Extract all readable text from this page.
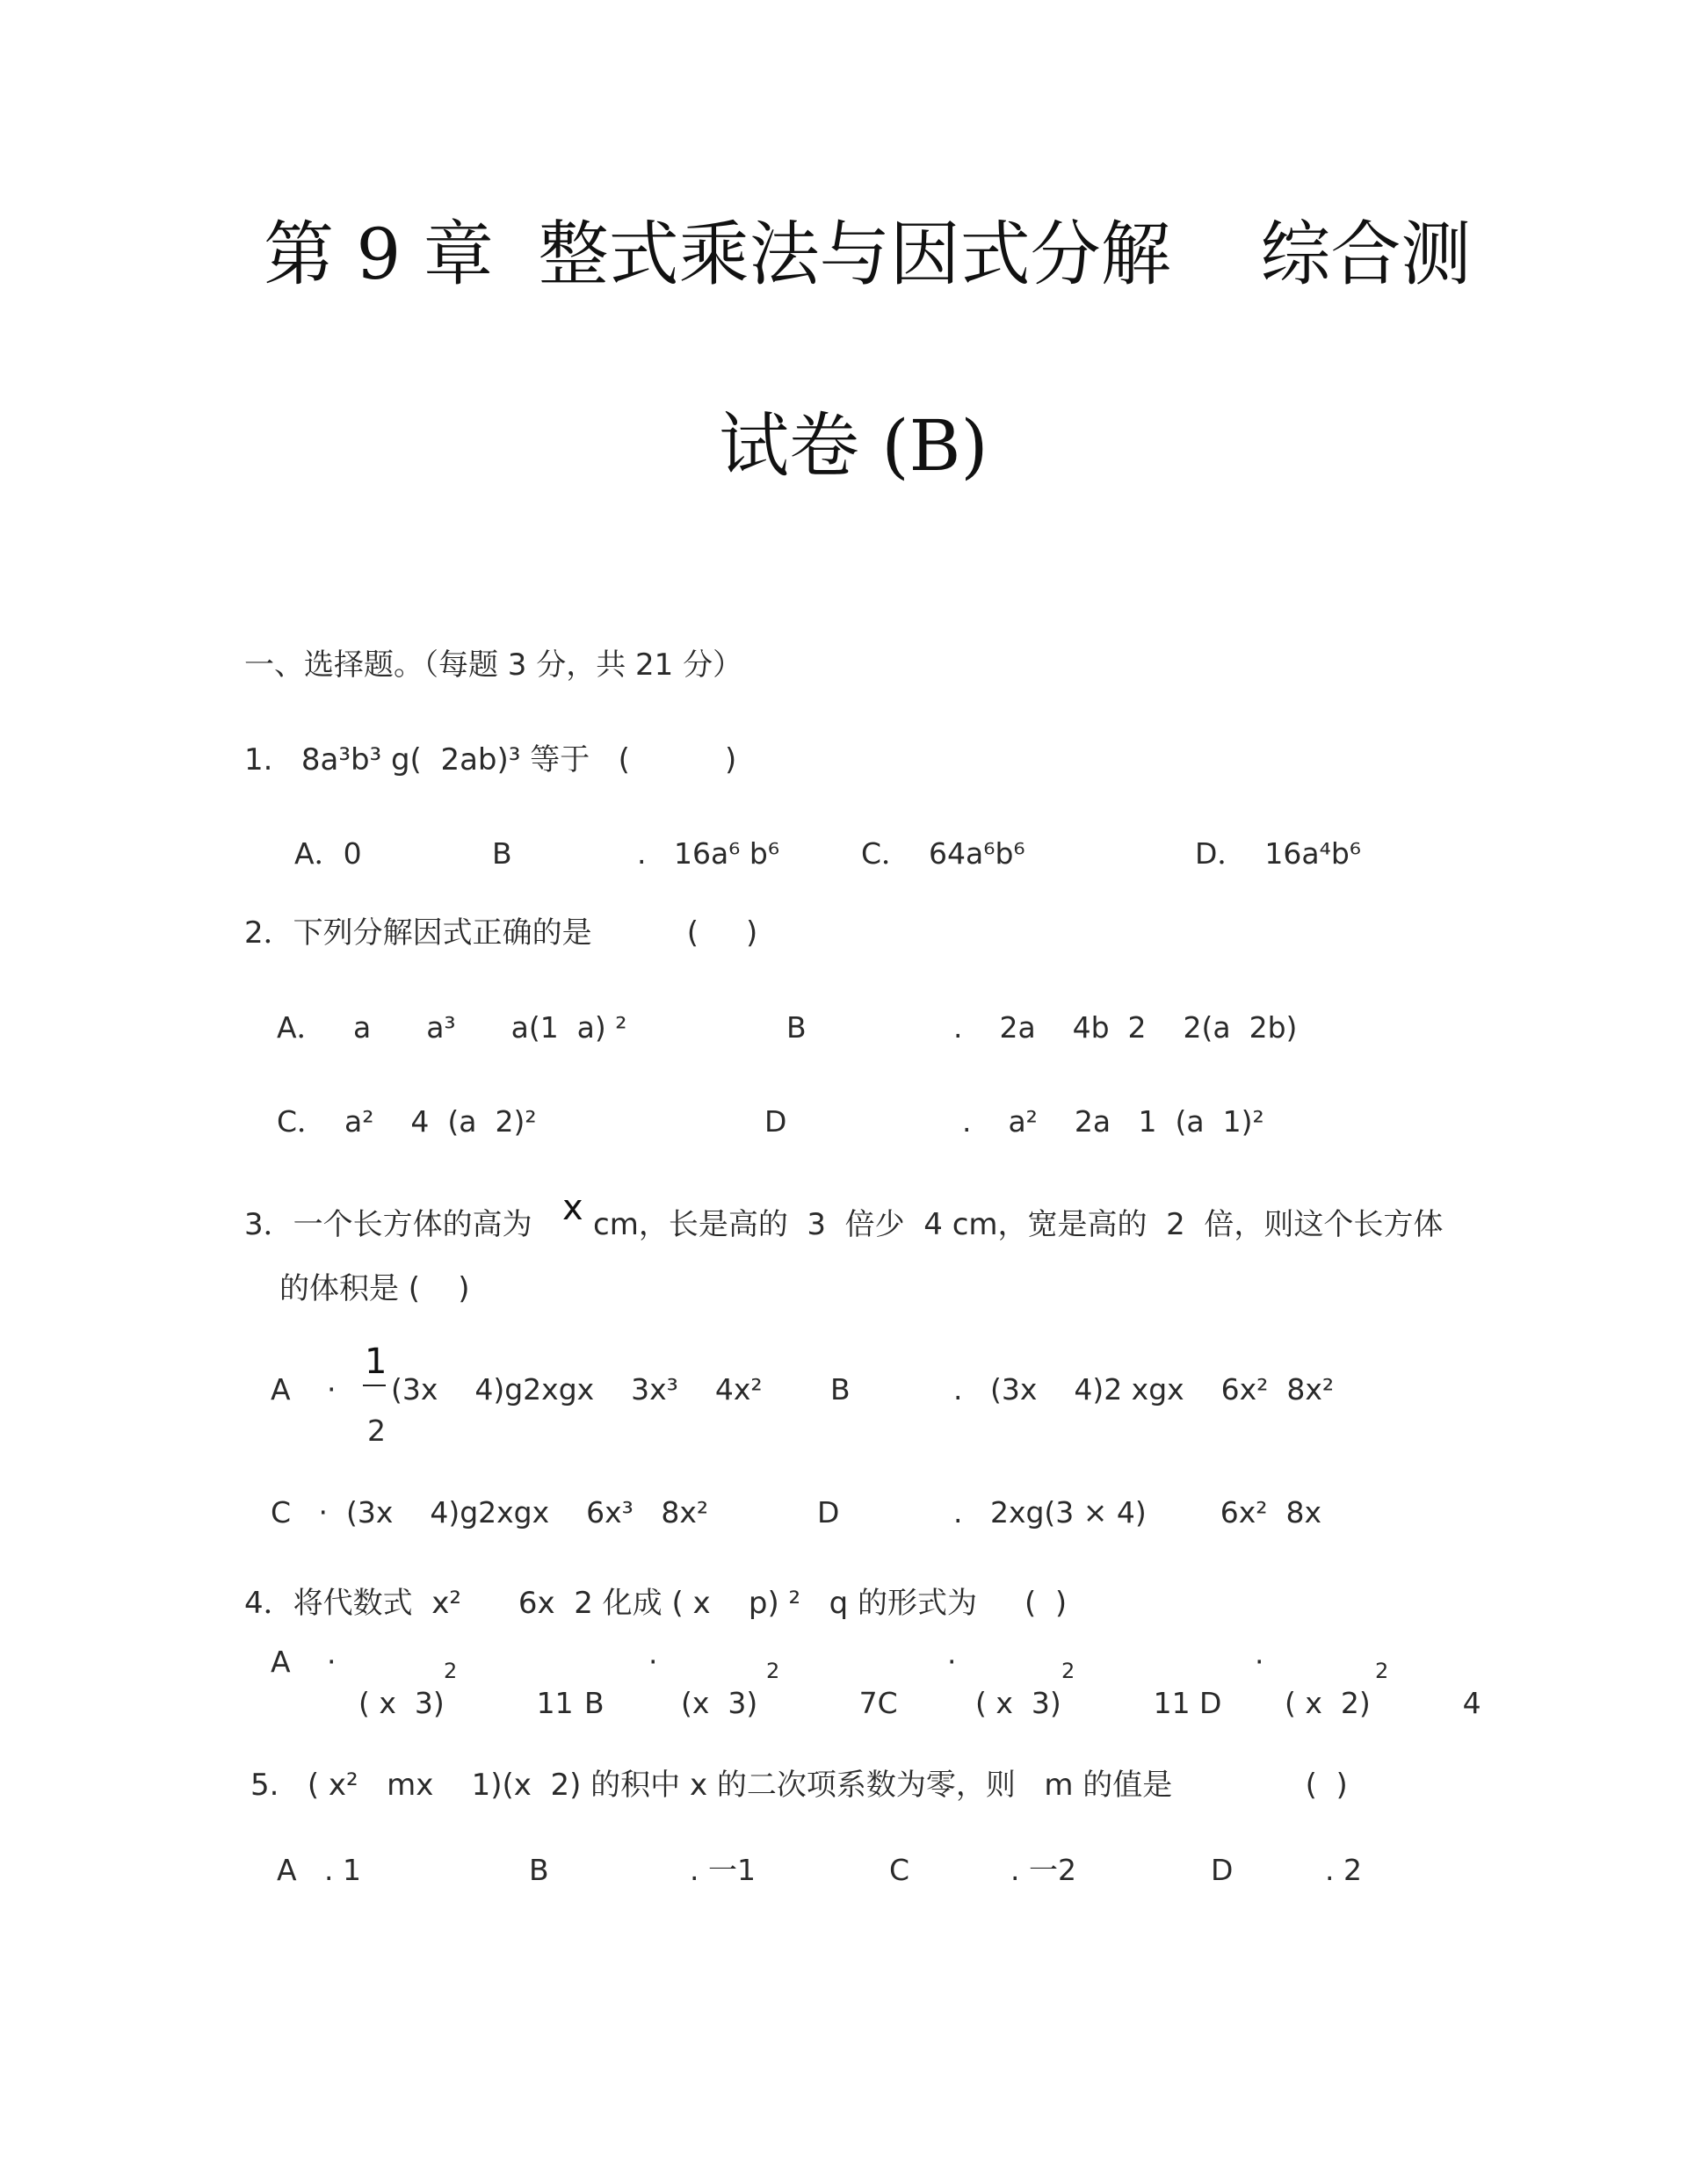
第 9 章  整式乘法与因式分解    综合测
试卷 (B)
一、选择题。（每题 3 分，共 21 分）
1.   8a³b³ g(  2ab)³ 等于   (          )
A．0	B	.   16a⁶ b⁶	C．  64a⁶b⁶	D．  16a⁴b⁶
2．下列分解因式正确的是          (     )
A．   a      a³      a(1  a) ²	B	.    2a    4b  2    2(a  2b)
C．  a²    4  (a  2)²	D	.    a²    2a   1  (a  1)²
3．一个长方体的高为 x cm，长是高的  3  倍少  4 cm，宽是高的  2  倍，则这个长方体
的体积是 (    )
A ·
1
2
(3x    4)g2xgx    3x³    4x² B	.   (3x    4)2 xgx    6x²  8x²
C   ·  (3x    4)g2xgx    6x³   8x²	D	.   2xg(3 × 4)        6x²  8x
4．将代数式  x²      6x  2 化成 ( x    p) ²   q 的形式为     (  )
A ·	2
( x  3)          11 B
·	2
(x  3)           7C
·	2
( x  3)          11 D
·	2
( x  2)          4
5.   ( x²   mx    1)(x  2) 的积中 x 的二次项系数为零，则   m 的值是              (  )
A   . 1	B	. 一1	C	. 一2	D	. 2
